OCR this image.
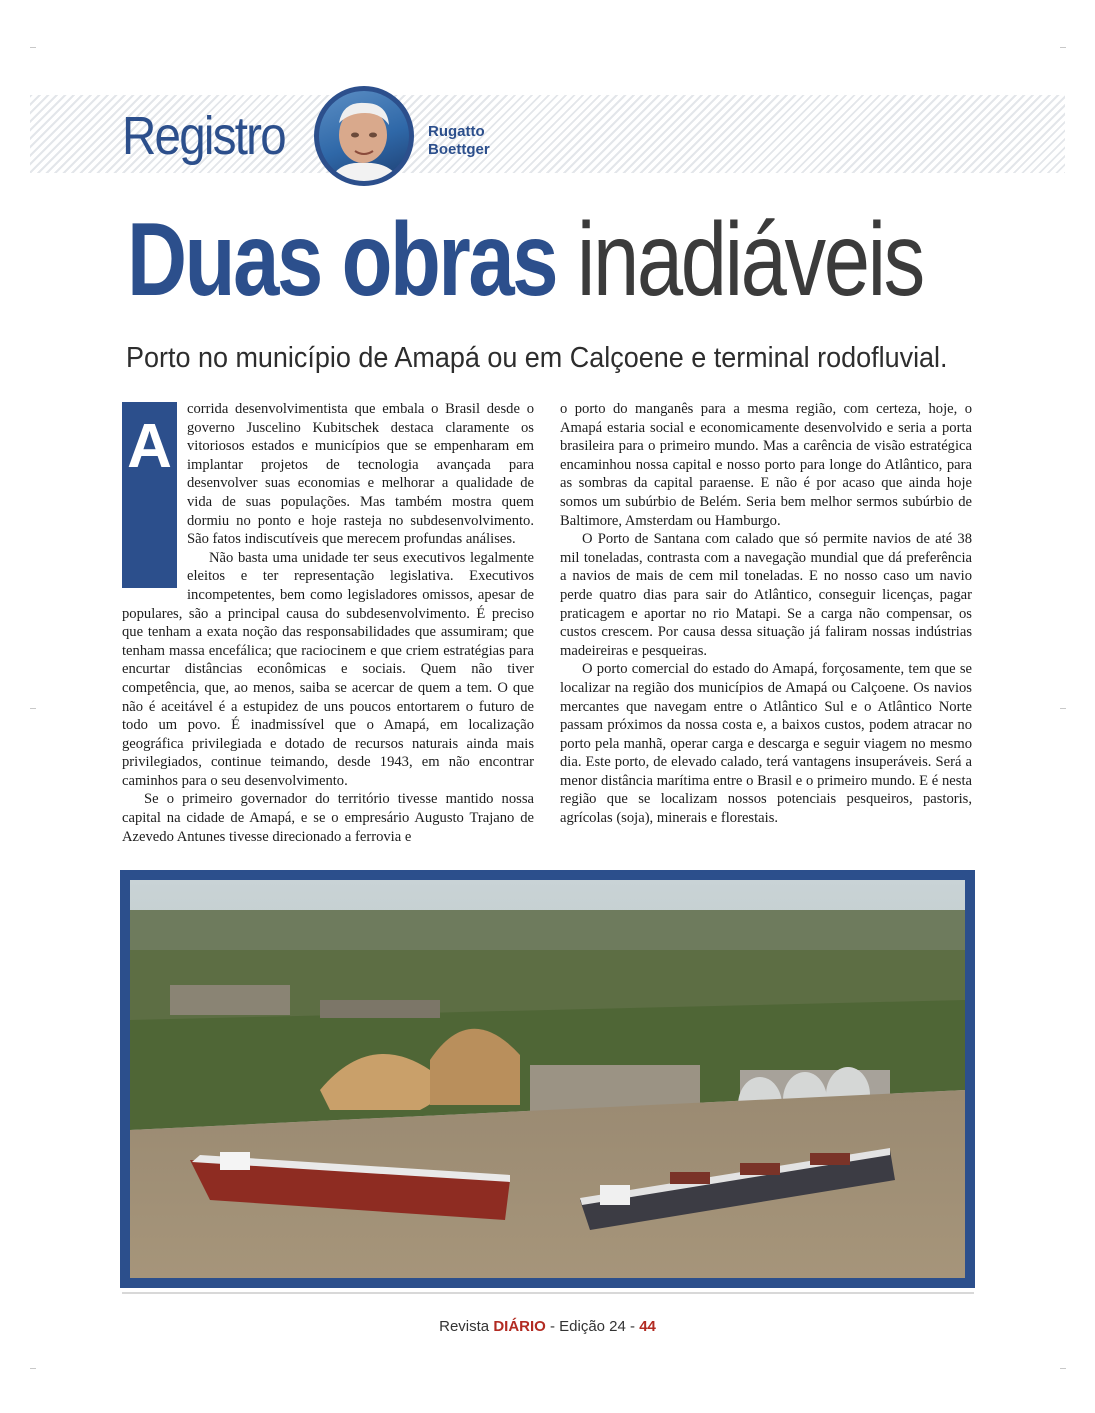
Registro	Rugatto
Boettger
Duas obras inadiáveis
Porto no município de Amapá ou em Calçoene e terminal rodofluvial.
A

corrida desenvolvimentista que embala o Brasil desde o governo Juscelino Kubitschek destaca claramente os vitoriosos estados e municípios que se empenharam em implantar projetos de tecnologia avançada para desenvolver suas economias e melhorar a qualidade de vida de suas populações. Mas também mostra quem dormiu no ponto e hoje rasteja no subdesenvolvimento. São fatos indiscutíveis que merecem profundas análises.

Não basta uma unidade ter seus executivos legalmente eleitos e ter representação legislativa. Executivos incompetentes, bem como legisladores omissos, apesar de populares, são a principal causa do subdesenvolvimento. É preciso que tenham a exata noção das responsabilidades que assumiram; que tenham massa encefálica; que raciocinem e que criem estratégias para encurtar distâncias econômicas e sociais. Quem não tiver competência, que, ao menos, saiba se acercar de quem a tem. O que não é aceitável é a estupidez de uns poucos entortarem o futuro de todo um povo. É inadmissível que o Amapá, em localização geográfica privilegiada e dotado de recursos naturais ainda mais privilegiados, continue teimando, desde 1943, em não encontrar caminhos para o seu desenvolvimento.

Se o primeiro governador do território tivesse mantido nossa capital na cidade de Amapá, e se o empresário Augusto Trajano de Azevedo Antunes tivesse direcionado a ferrovia e

o porto do manganês para a mesma região, com certeza, hoje, o Amapá estaria social e economicamente desenvolvido e seria a porta brasileira para o primeiro mundo. Mas a carência de visão estratégica encaminhou nossa capital e nosso porto para longe do Atlântico, para as sombras da capital paraense. E não é por acaso que ainda hoje somos um subúrbio de Belém. Seria bem melhor sermos subúrbio de Baltimore, Amsterdam ou Hamburgo.

O Porto de Santana com calado que só permite navios de até 38 mil toneladas, contrasta com a navegação mundial que dá preferência a navios de mais de cem mil toneladas. E no nosso caso um navio perde quatro dias para sair do Atlântico, conseguir licenças, pagar praticagem e aportar no rio Matapi. Se a carga não compensar, os custos crescem. Por causa dessa situação já faliram nossas indústrias madeireiras e pesqueiras.

O porto comercial do estado do Amapá, forçosamente, tem que se localizar na região dos municípios de Amapá ou Calçoene. Os navios mercantes que navegam entre o Atlântico Sul e o Atlântico Norte passam próximos da nossa costa e, a baixos custos, podem atracar no porto pela manhã, operar carga e descarga e seguir viagem no mesmo dia. Este porto, de elevado calado, terá vantagens insuperáveis. Será a menor distância marítima entre o Brasil e o primeiro mundo. E é nesta região que se localizam nossos potenciais pesqueiros, pastoris, agrícolas (soja), minerais e florestais.

Revista DIÁRIO - Edição 24 - 44
